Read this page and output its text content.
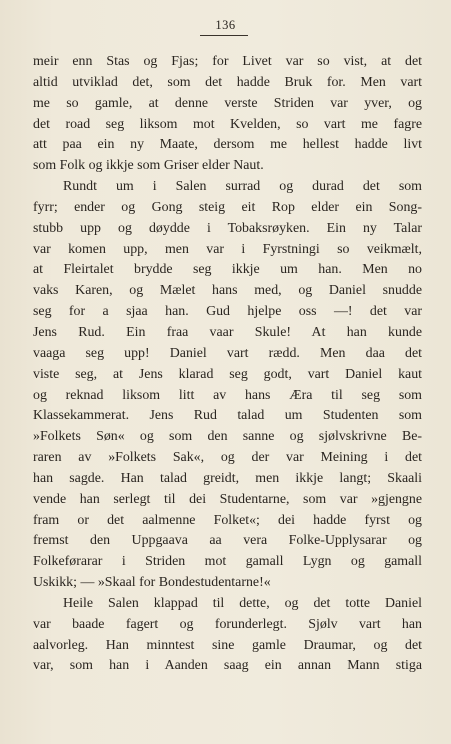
136
meir enn Stas og Fjas; for Livet var so vist, at det
altid utviklad det, som det hadde Bruk for. Men vart
me so gamle, at denne verste Striden var yver, og
det road seg liksom mot Kvelden, so vart me fagre
att paa ein ny Maate, dersom me hellest hadde livt
som Folk og ikkje som Griser elder Naut.
Rundt um i Salen surrad og durad det som
fyrr; ender og Gong steig eit Rop elder ein Song-
stubb upp og døydde i Tobaksrøyken. Ein ny Talar
var komen upp, men var i Fyrstningi so veikmælt,
at Fleirtalet brydde seg ikkje um han. Men no
vaks Karen, og Mælet hans med, og Daniel snudde
seg for a sjaa han. Gud hjelpe oss —! det var
Jens Rud. Ein fraa vaar Skule! At han kunde
vaaga seg upp! Daniel vart rædd. Men daa det
viste seg, at Jens klarad seg godt, vart Daniel kaut
og reknad liksom litt av hans Æra til seg som
Klassekammerat. Jens Rud talad um Studenten som
»Folkets Søn« og som den sanne og sjølvskrivne Be-
raren av »Folkets Sak«, og der var Meining i det
han sagde. Han talad greidt, men ikkje langt; Skaali
vende han serlegt til dei Studentarne, som var »gjengne
fram or det aalmenne Folket«; dei hadde fyrst og
fremst den Uppgaava aa vera Folke-Upplysarar og
Folkeførarar i Striden mot gamall Lygn og gamall
Uskikk; — »Skaal for Bondestudentarne!«
Heile Salen klappad til dette, og det totte Daniel
var baade fagert og forunderlegt. Sjølv vart han
aalvorleg. Han minntest sine gamle Draumar, og det
var, som han i Aanden saag ein annan Mann stiga
